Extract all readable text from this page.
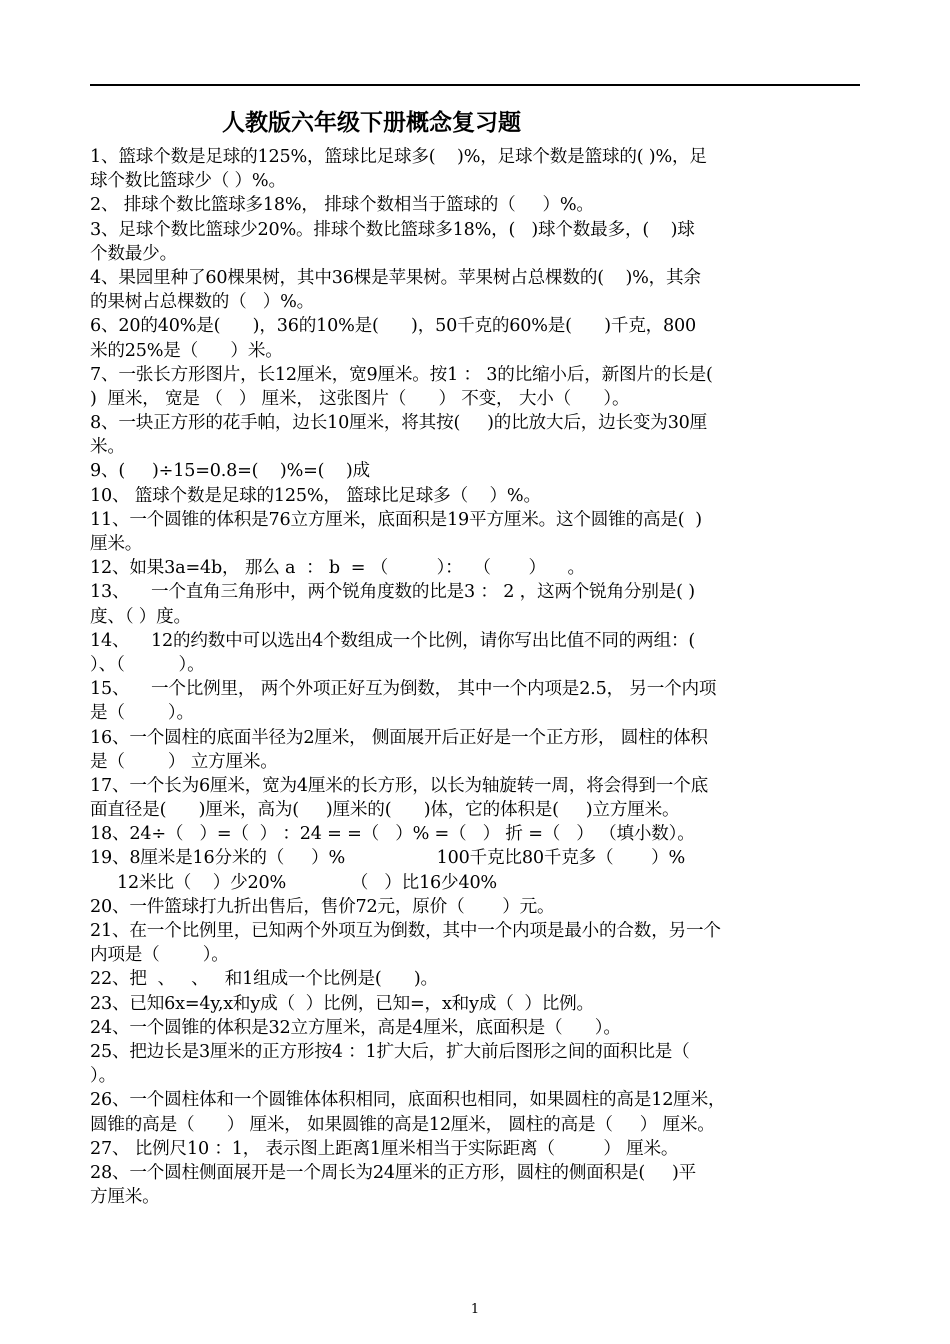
人教版六年级下册概念复习题
1、篮球个数是足球的125%，篮球比足球多(    )%，足球个数是篮球的( )%，足
球个数比篮球少（ ）%。
2、 排球个数比篮球多18%， 排球个数相当于篮球的（     ）%。
3、足球个数比篮球少20%。排球个数比篮球多18%，(   )球个数最多，(    )球
个数最少。
4、果园里种了60棵果树，其中36棵是苹果树。苹果树占总棵数的(    )%，其余
的果树占总棵数的（   ）%。
6、20的40%是(      )，36的10%是(      )，50千克的60%是(      )千克，800
米的25%是（      ）米。
7、一张长方形图片，长12厘米，宽9厘米。按1 ： 3的比缩小后，新图片的长是(
)  厘米， 宽是 （   ） 厘米， 这张图片（      ） 不变， 大小（      ）。
8、一块正方形的花手帕，边长10厘米，将其按(     )的比放大后，边长变为30厘
米。
9、(     )÷15=0.8=(    )%=(    )成
10、 篮球个数是足球的125%， 篮球比足球多（    ）%。
11、一个圆锥的体积是76立方厘米，底面积是19平方厘米。这个圆锥的高是(  )
厘米。
12、如果3a=4b， 那么 a  ： b  = （         ）：  （       ）    。
13、    一个直角三角形中，两个锐角度数的比是3 ： 2 ，这两个锐角分别是( )
度、（ ）度。
14、    12的约数中可以选出4个数组成一个比例，请你写出比值不同的两组：(
）、（          ）。
15、    一个比例里， 两个外项正好互为倒数， 其中一个内项是2.5， 另一个内项
是（        ）。
16、一个圆柱的底面半径为2厘米， 侧面展开后正好是一个正方形， 圆柱的体积
是（        ） 立方厘米。
17、一个长为6厘米，宽为4厘米的长方形，以长为轴旋转一周，将会得到一个底
面直径是(      )厘米，高为(     )厘米的(      )体，它的体积是(     )立方厘米。
18、24÷（   ）=（  ） ：24 = =（   ）% =（   ） 折 =（   ） （填小数）。
19、8厘米是16分米的（     ）%                 100千克比80千克多（       ）%
12米比（    ）少20%            （   ）比16少40%
20、一件篮球打九折出售后，售价72元，原价（       ）元。
21、在一个比例里，已知两个外项互为倒数，其中一个内项是最小的合数，另一个
内项是（        ）。
22、把  、   、   和1组成一个比例是(      )。
23、已知6x=4y,x和y成（  ）比例，已知=，x和y成（  ）比例。
24、一个圆锥的体积是32立方厘米，高是4厘米，底面积是（      ）。
25、把边长是3厘米的正方形按4 ：1扩大后，扩大前后图形之间的面积比是（
）。
26、一个圆柱体和一个圆锥体体积相同，底面积也相同，如果圆柱的高是12厘米，
圆锥的高是（      ） 厘米， 如果圆锥的高是12厘米， 圆柱的高是（     ） 厘米。
27、 比例尺10 ：1， 表示图上距离1厘米相当于实际距离（         ） 厘米。
28、一个圆柱侧面展开是一个周长为24厘米的正方形，圆柱的侧面积是(     )平
方厘米。
1
